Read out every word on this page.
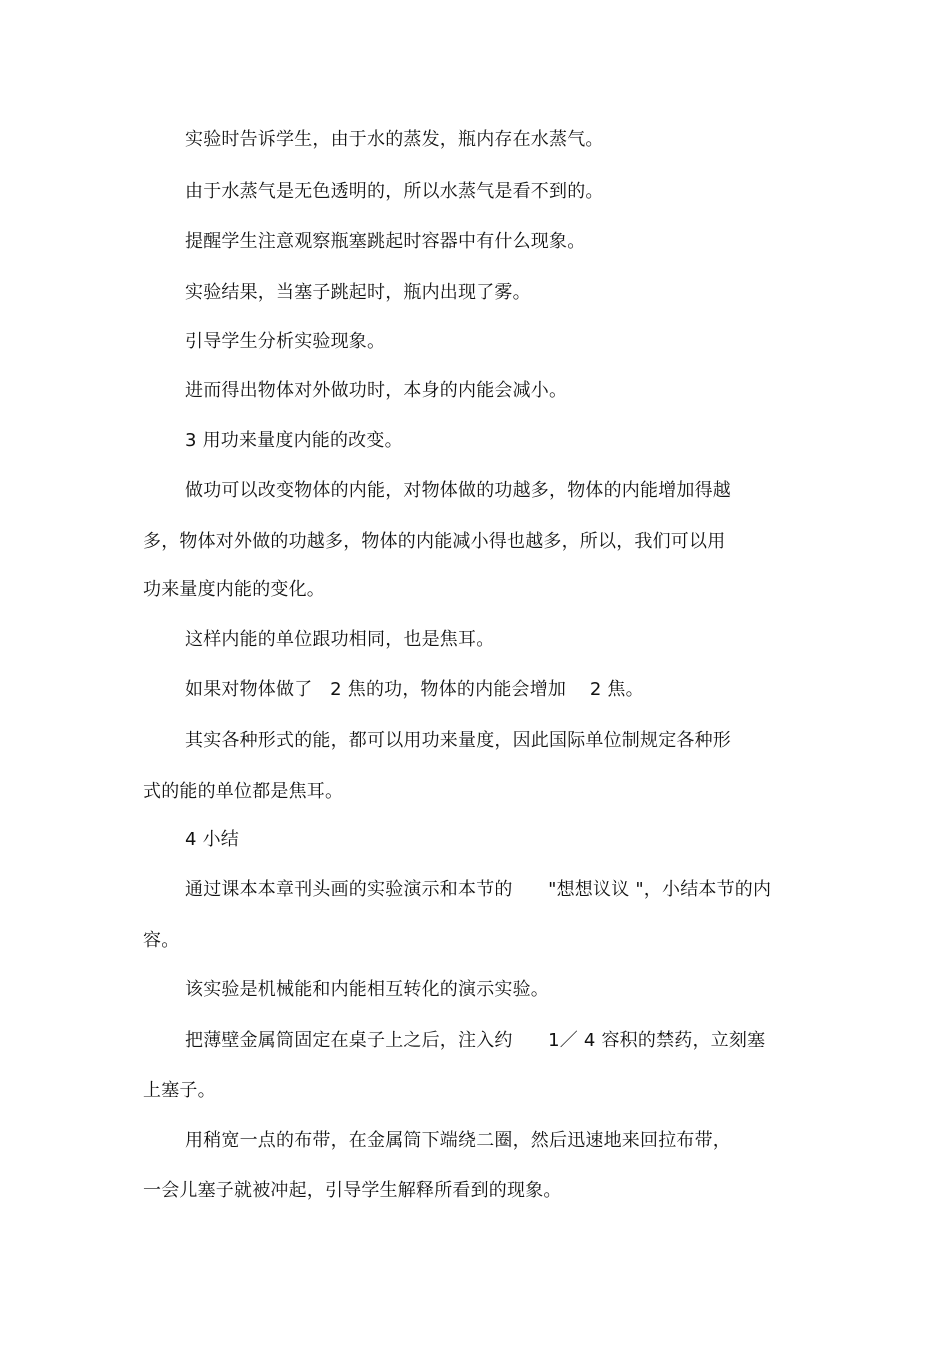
实验时告诉学生，由于水的蒸发，瓶内存在水蒸气。
由于水蒸气是无色透明的，所以水蒸气是看不到的。
提醒学生注意观察瓶塞跳起时容器中有什么现象。
实验结果，当塞子跳起时，瓶内出现了雾。
引导学生分析实验现象。
进而得出物体对外做功时，本身的内能会减小。
3 用功来量度内能的改变。
做功可以改变物体的内能，对物体做的功越多，物体的内能增加得越
多，物体对外做的功越多，物体的内能减小得也越多，所以，我们可以用
功来量度内能的变化。
这样内能的单位跟功相同，也是焦耳。
如果对物体做了   2 焦的功，物体的内能会增加    2 焦。
其实各种形式的能，都可以用功来量度，因此国际单位制规定各种形
式的能的单位都是焦耳。
4 小结
通过课本本章刊头画的实验演示和本节的      "想想议议 "，小结本节的内
容。
该实验是机械能和内能相互转化的演示实验。
把薄壁金属筒固定在桌子上之后，注入约      1／ 4 容积的禁药，立刻塞
上塞子。
用稍宽一点的布带，在金属筒下端绕二圈，然后迅速地来回拉布带，
一会儿塞子就被冲起，引导学生解释所看到的现象。
